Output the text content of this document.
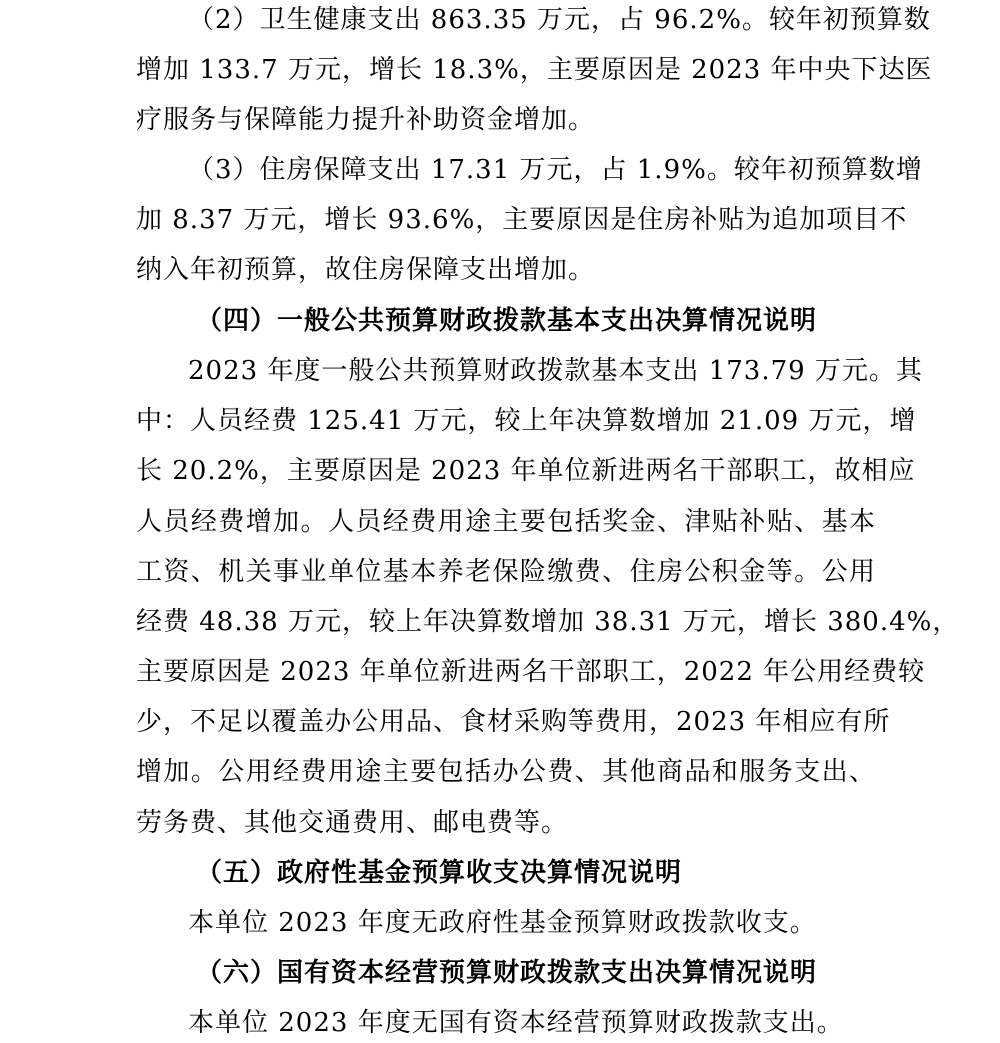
（2）卫生健康支出 863.35 万元，占 96.2%。较年初预算数
增加 133.7 万元，增长 18.3%，主要原因是 2023 年中央下达医
疗服务与保障能力提升补助资金增加。
（3）住房保障支出 17.31 万元，占 1.9%。较年初预算数增
加 8.37 万元，增长 93.6%，主要原因是住房补贴为追加项目不
纳入年初预算，故住房保障支出增加。
（四）一般公共预算财政拨款基本支出决算情况说明
2023 年度一般公共预算财政拨款基本支出 173.79 万元。其
中：人员经费 125.41 万元，较上年决算数增加 21.09 万元，增
长 20.2%，主要原因是 2023 年单位新进两名干部职工，故相应
人员经费增加。人员经费用途主要包括奖金、津贴补贴、基本
工资、机关事业单位基本养老保险缴费、住房公积金等。公用
经费 48.38 万元，较上年决算数增加 38.31 万元，增长 380.4%，
主要原因是 2023 年单位新进两名干部职工，2022 年公用经费较
少，不足以覆盖办公用品、食材采购等费用，2023 年相应有所
增加。公用经费用途主要包括办公费、其他商品和服务支出、
劳务费、其他交通费用、邮电费等。
（五）政府性基金预算收支决算情况说明
本单位 2023 年度无政府性基金预算财政拨款收支。
（六）国有资本经营预算财政拨款支出决算情况说明
本单位 2023 年度无国有资本经营预算财政拨款支出。
